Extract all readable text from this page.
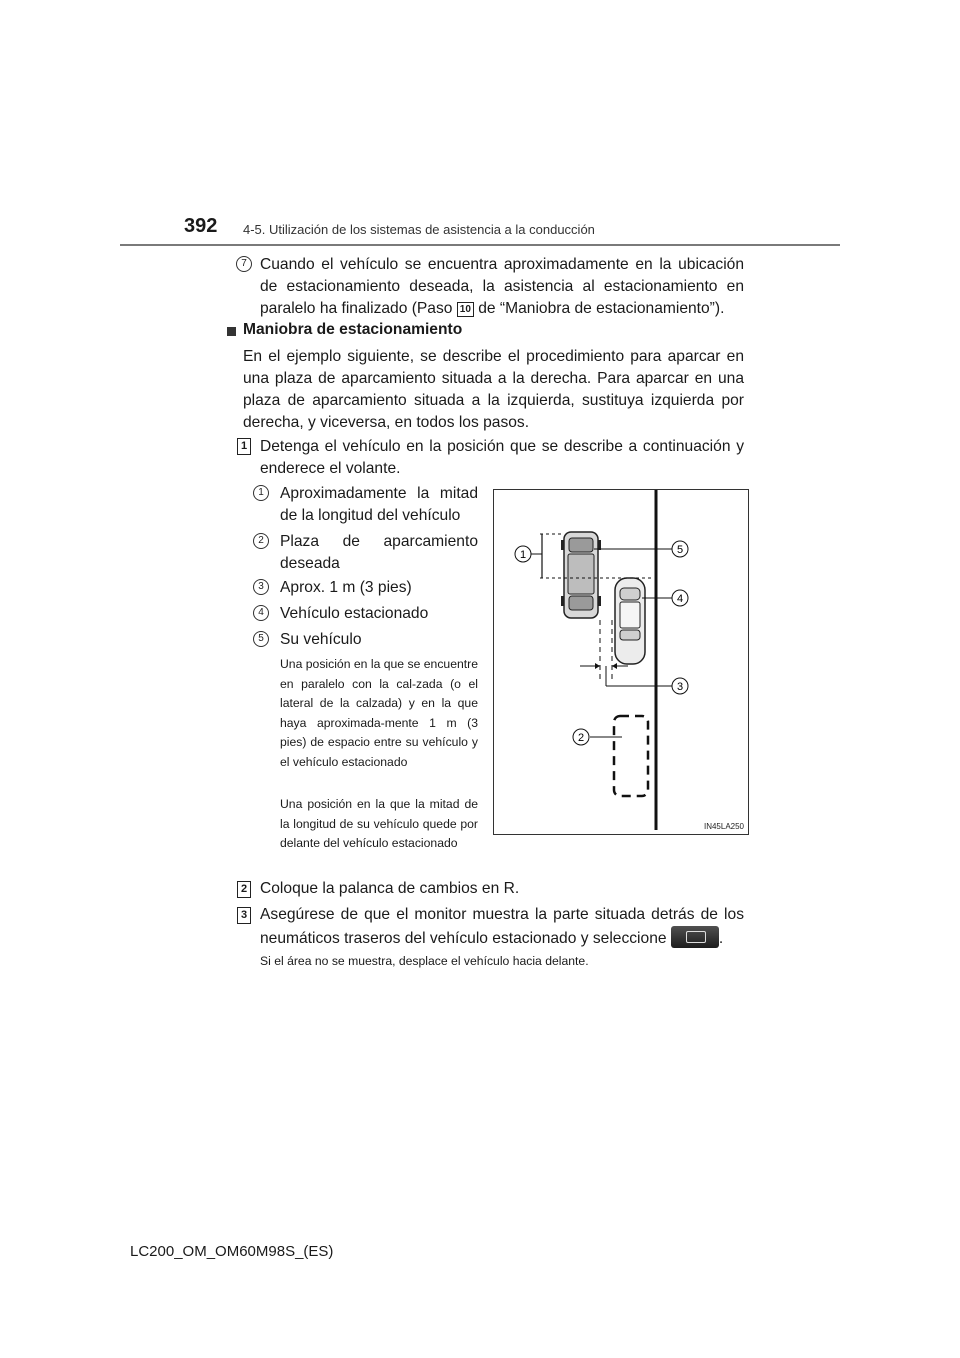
392 4-5. Utilización de los sistemas de asistencia a la conducción
7 Cuando el vehículo se encuentra aproximadamente en la ubicación de estacionamiento deseada, la asistencia al estacionamiento en paralelo ha finalizado (Paso 10 de “Maniobra de estacionamiento”).
Maniobra de estacionamiento
En el ejemplo siguiente, se describe el procedimiento para aparcar en una plaza de aparcamiento situada a la derecha. Para aparcar en una plaza de aparcamiento situada a la izquierda, sustituya izquierda por derecha, y viceversa, en todos los pasos.
1 Detenga el vehículo en la posición que se describe a continuación y enderece el volante.
1	Aproximadamente la mitad de la longitud del vehículo
2	Plaza de aparcamiento deseada
3	Aprox. 1 m (3 pies)
4	Vehículo estacionado
5	Su vehículo
Una posición en la que se encuentre en paralelo con la cal-zada (o el lateral de la calzada) y en la que haya aproximada-mente 1 m (3 pies) de espacio entre su vehículo y el vehículo estacionado
Una posición en la que la mitad de la longitud de su vehículo quede por delante del vehículo estacionado
1	5
4
3
2
IN45LA250
2 Coloque la palanca de cambios en R.
3 Asegúrese de que el monitor muestra la parte situada detrás de los neumáticos traseros del vehículo estacionado y seleccione	.
Si el área no se muestra, desplace el vehículo hacia delante.
LC200_OM_OM60M98S_(ES)
